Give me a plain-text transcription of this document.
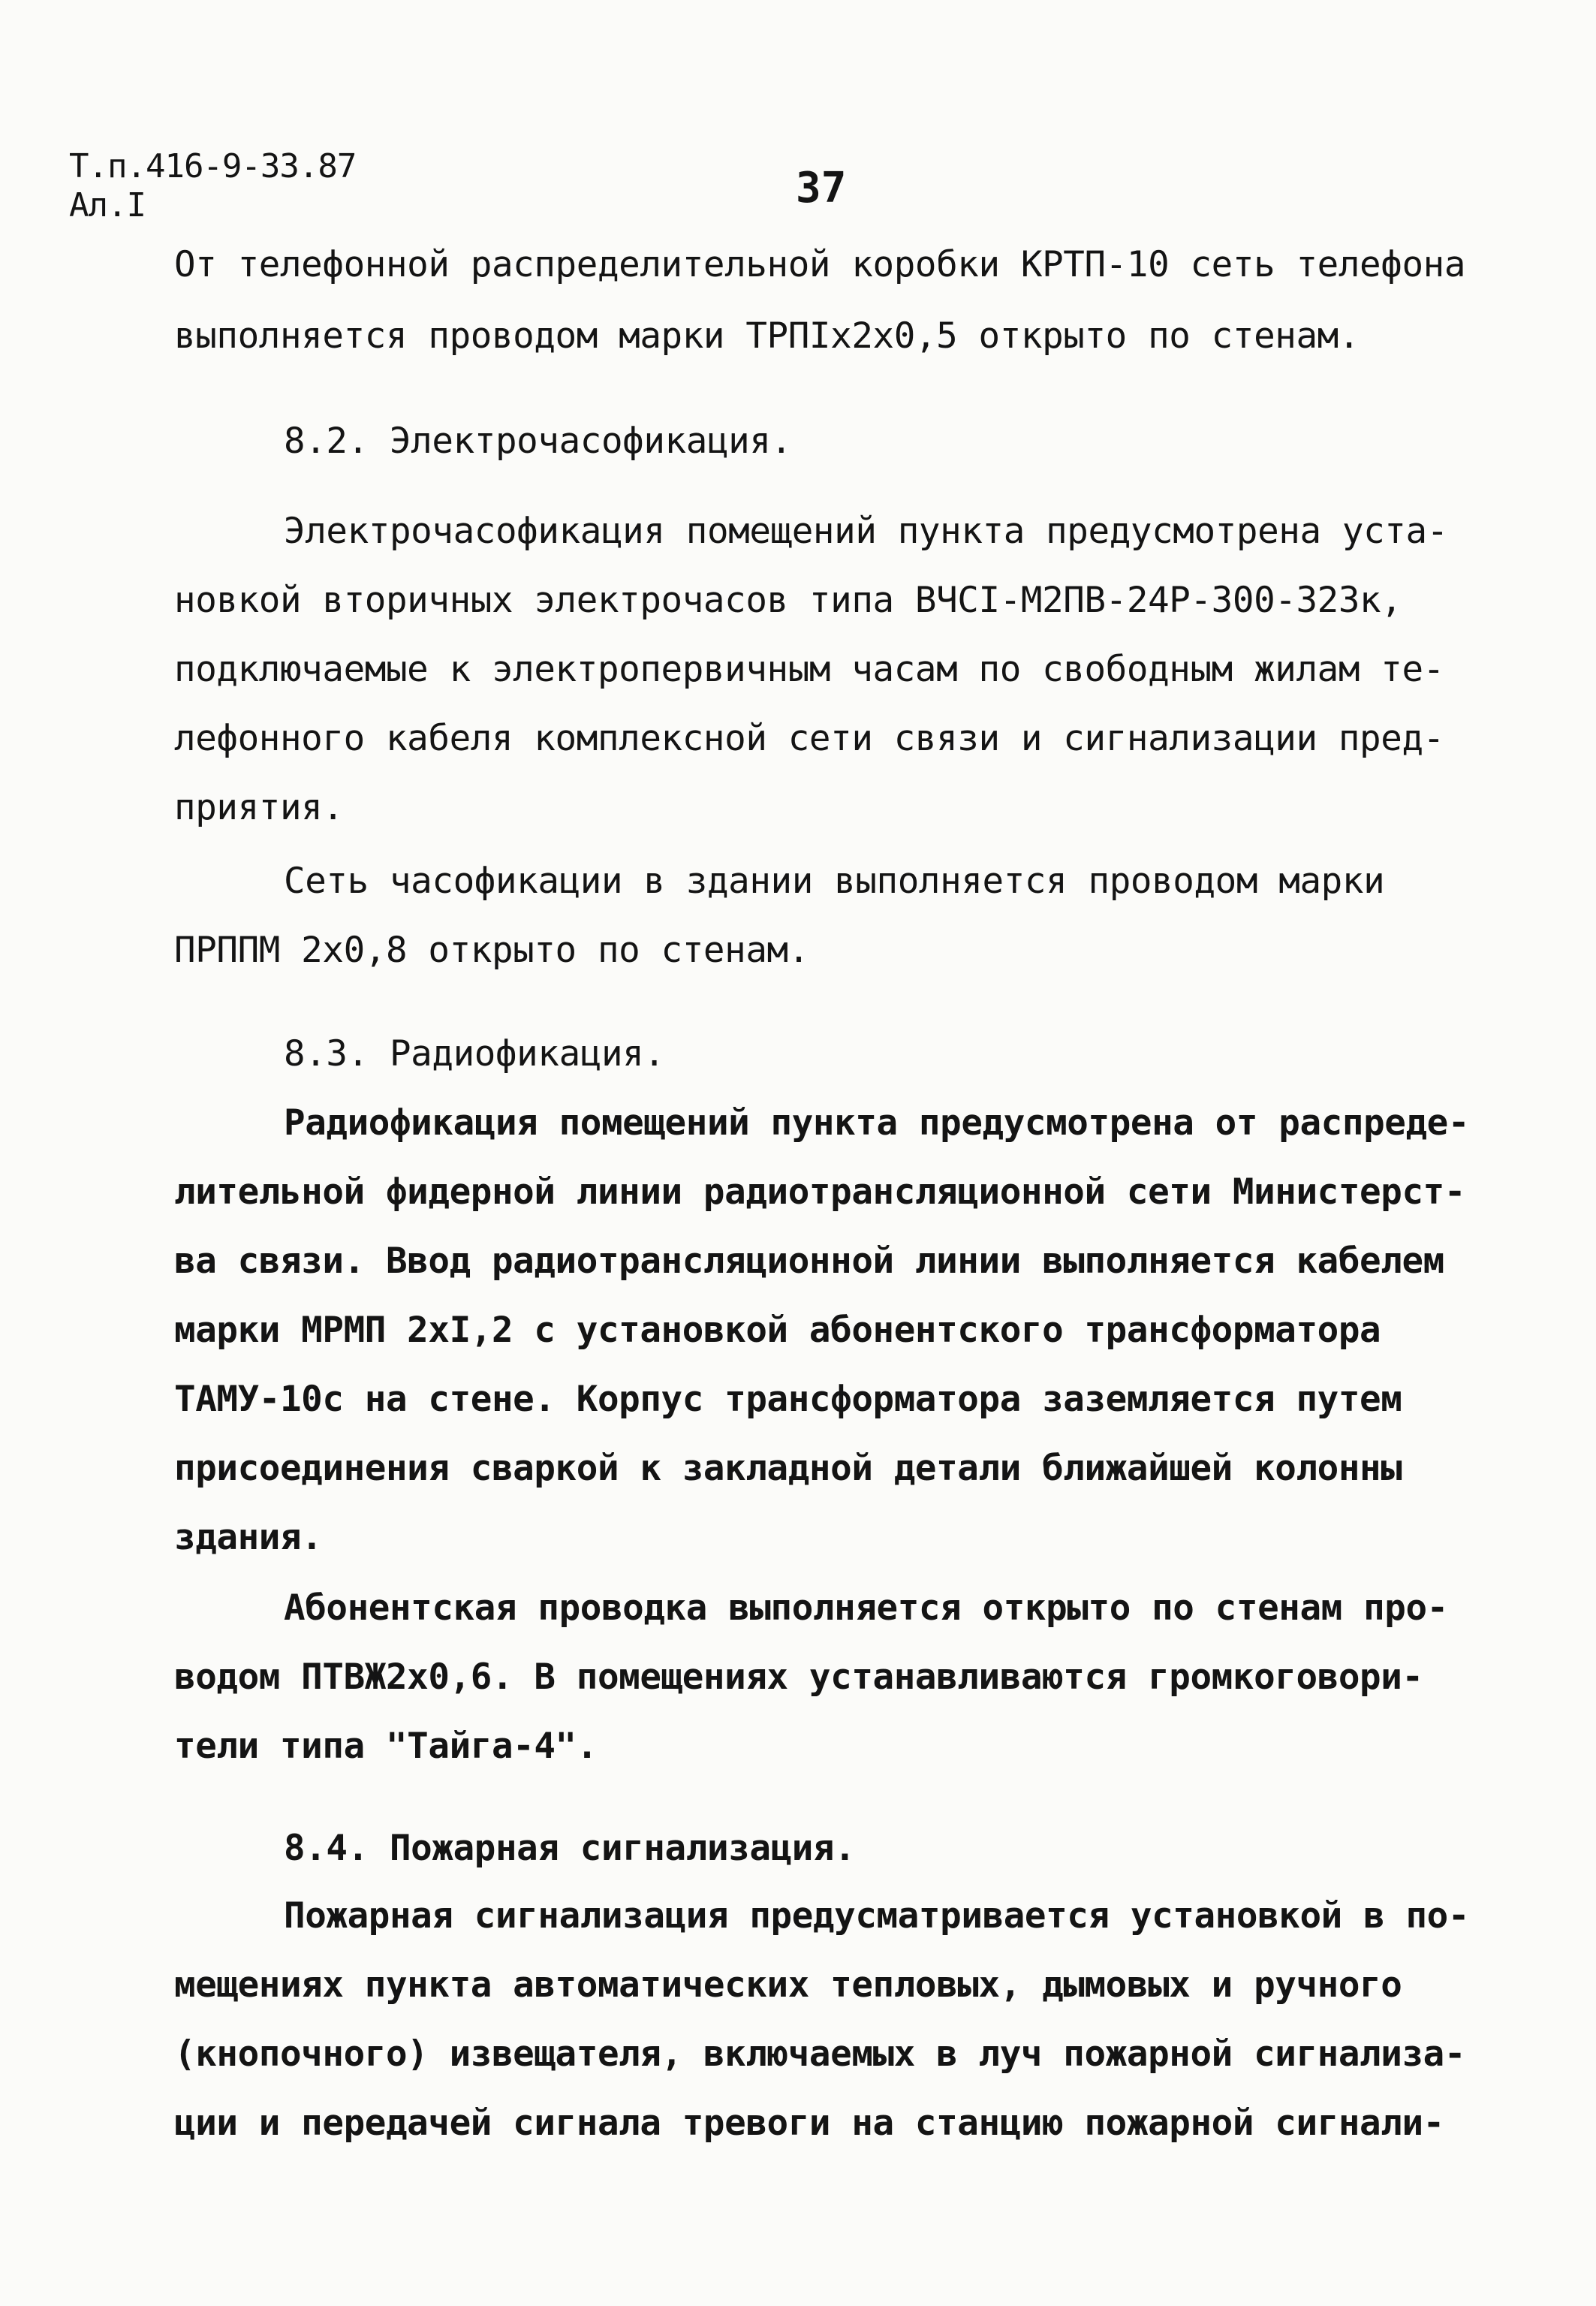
Т.п.416-9-33.87
Ал.I	37
От телефонной распределительной коробки КРТП-10 сеть телефона
выполняется проводом марки ТРПIх2х0,5 открыто по стенам.
8.2. Электрочасофикация.
Электрочасофикация помещений пункта предусмотрена уста-
новкой вторичных электрочасов типа ВЧСI-М2ПВ-24Р-300-323к,
подключаемые к электропервичным часам по свободным жилам те-
лефонного кабеля комплексной сети связи и сигнализации пред-
приятия.
Сеть часофикации в здании выполняется проводом марки
ПРППМ 2х0,8 открыто по стенам.
8.3. Радиофикация.
Радиофикация помещений пункта предусмотрена от распреде-
лительной фидерной линии радиотрансляционной сети Министерст-
ва связи. Ввод радиотрансляционной линии выполняется кабелем
марки МРМП 2хI,2 с установкой абонентского трансформатора
ТАМУ-10с на стене. Корпус трансформатора заземляется путем
присоединения сваркой к закладной детали ближайшей колонны
здания.
Абонентская проводка выполняется открыто по стенам про-
водом ПТВЖ2х0,6. В помещениях устанавливаются громкоговори-
тели типа "Тайга-4".
8.4. Пожарная сигнализация.
Пожарная сигнализация предусматривается установкой в по-
мещениях пункта автоматических тепловых, дымовых и ручного
(кнопочного) извещателя, включаемых в луч пожарной сигнализа-
ции и передачей сигнала тревоги на станцию пожарной сигнали-
